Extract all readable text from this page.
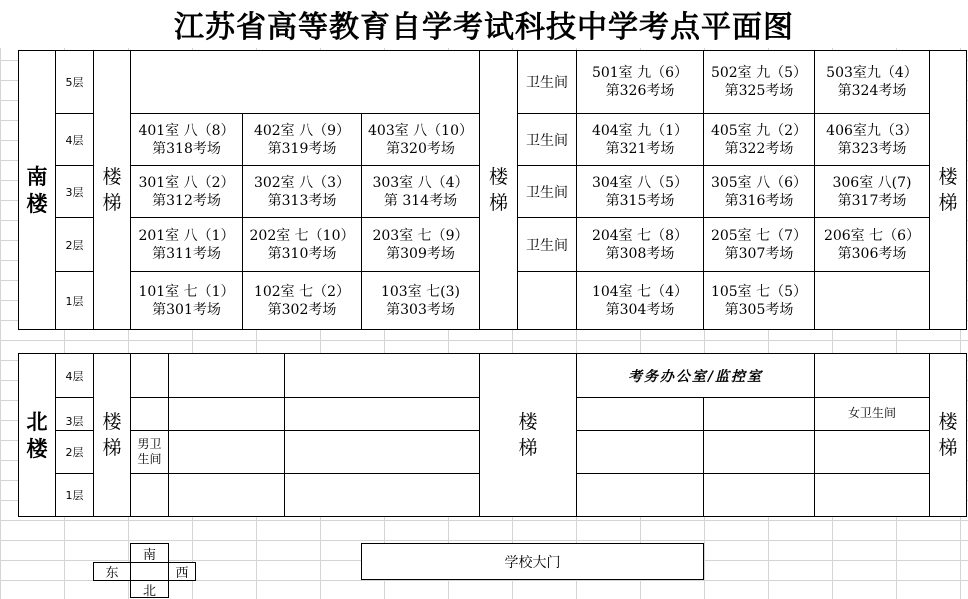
江苏省高等教育自学考试科技中学考点平面图
南
楼
5层
4层
3层
2层
1层
楼
梯
401室 八（8）
第318考场
402室 八（9）
第319考场
403室 八（10）
第320考场
301室 八（2）
第312考场
302室 八（3）
第313考场
303室 八（4）
第 314考场
201室 八（1）
第311考场
202室 七（10）
第310考场
203室 七（9）
第309考场
101室 七（1）
第301考场
102室 七（2）
第302考场
103室 七(3)
第303考场
楼
梯
卫生间
卫生间
卫生间
卫生间
501室 九（6）
第326考场
502室 九（5）
第325考场
503室九（4）
第324考场
404室 九（1）
第321考场
405室 九（2）
第322考场
406室九（3）
第323考场
304室 八（5）
第315考场
305室 八（6）
第316考场
306室 八(7)
第317考场
204室 七（8）
第308考场
205室 七（7）
第307考场
206室 七（6）
第306考场
104室 七（4）
第304考场
105室 七（5）
第305考场
楼
梯
北
楼
4层
3层
2层
1层
楼
梯 男卫
生间
楼
梯
考务办公室/监控室
女卫生间	楼
梯
南
东	西
北
学校大门
